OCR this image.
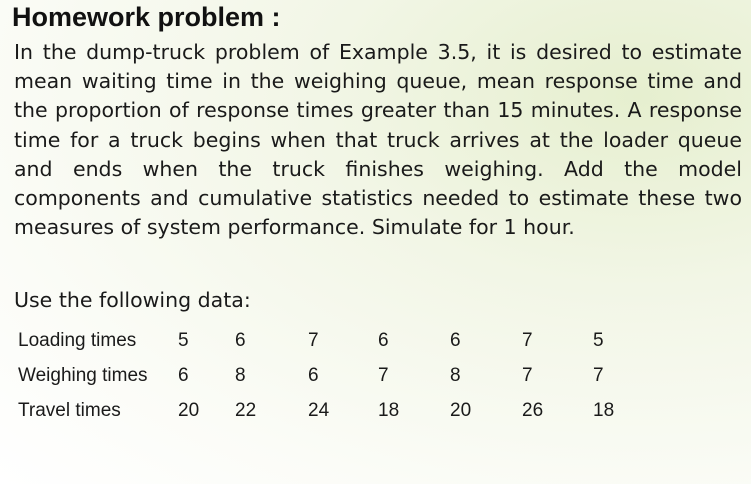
Homework problem :

In the dump-truck problem of Example 3.5, it is desired to estimate mean waiting time in the weighing queue, mean response time and the proportion of response times greater than 15 minutes. A response time for a truck begins when that truck arrives at the loader queue and ends when the truck finishes weighing. Add the model components and cumulative statistics needed to estimate these two measures of system performance. Simulate for 1 hour.

Use the following data:
Loading times 5 6	7	6	6	7	5
Weighing times 6 8	6	7	8	7	7
Travel times	20 22	24	18	20	26	18
